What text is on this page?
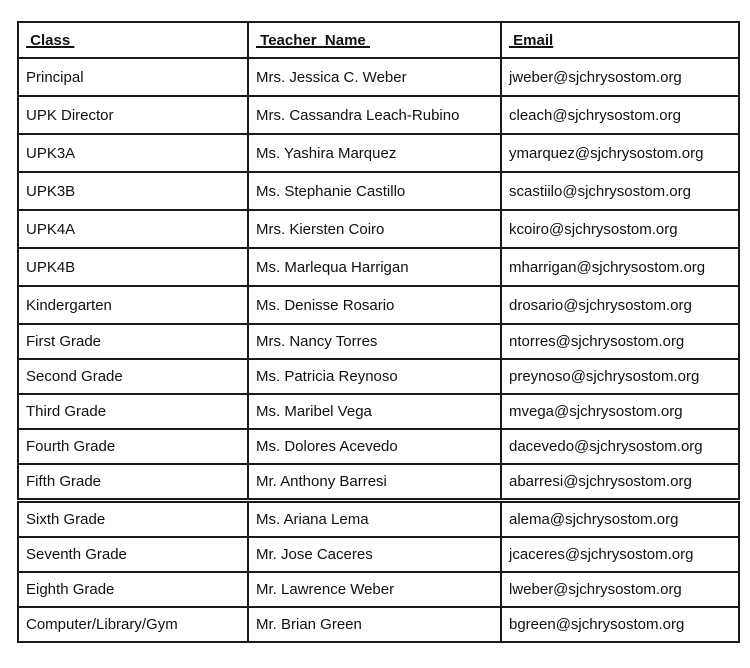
Class	Teacher  Name	Email
Principal	Mrs. Jessica C. Weber	jweber@sjchrysostom.org
UPK Director	Mrs. Cassandra Leach-Rubino	cleach@sjchrysostom.org
UPK3A	Ms. Yashira Marquez	ymarquez@sjchrysostom.org
UPK3B	Ms. Stephanie Castillo	scastiilo@sjchrysostom.org
UPK4A	Mrs. Kiersten Coiro	kcoiro@sjchrysostom.org
UPK4B	Ms. Marlequa Harrigan	mharrigan@sjchrysostom.org
Kindergarten	Ms. Denisse Rosario	drosario@sjchrysostom.org
First Grade	Mrs. Nancy Torres	ntorres@sjchrysostom.org
Second Grade	Ms. Patricia Reynoso	preynoso@sjchrysostom.org
Third Grade	Ms. Maribel Vega	mvega@sjchrysostom.org
Fourth Grade	Ms. Dolores Acevedo	dacevedo@sjchrysostom.org
Fifth Grade	Mr. Anthony Barresi	abarresi@sjchrysostom.org
Sixth Grade	Ms. Ariana Lema	alema@sjchrysostom.org
Seventh Grade	Mr. Jose Caceres	jcaceres@sjchrysostom.org
Eighth Grade	Mr. Lawrence Weber	lweber@sjchrysostom.org
Computer/Library/Gym	Mr. Brian Green	bgreen@sjchrysostom.org
